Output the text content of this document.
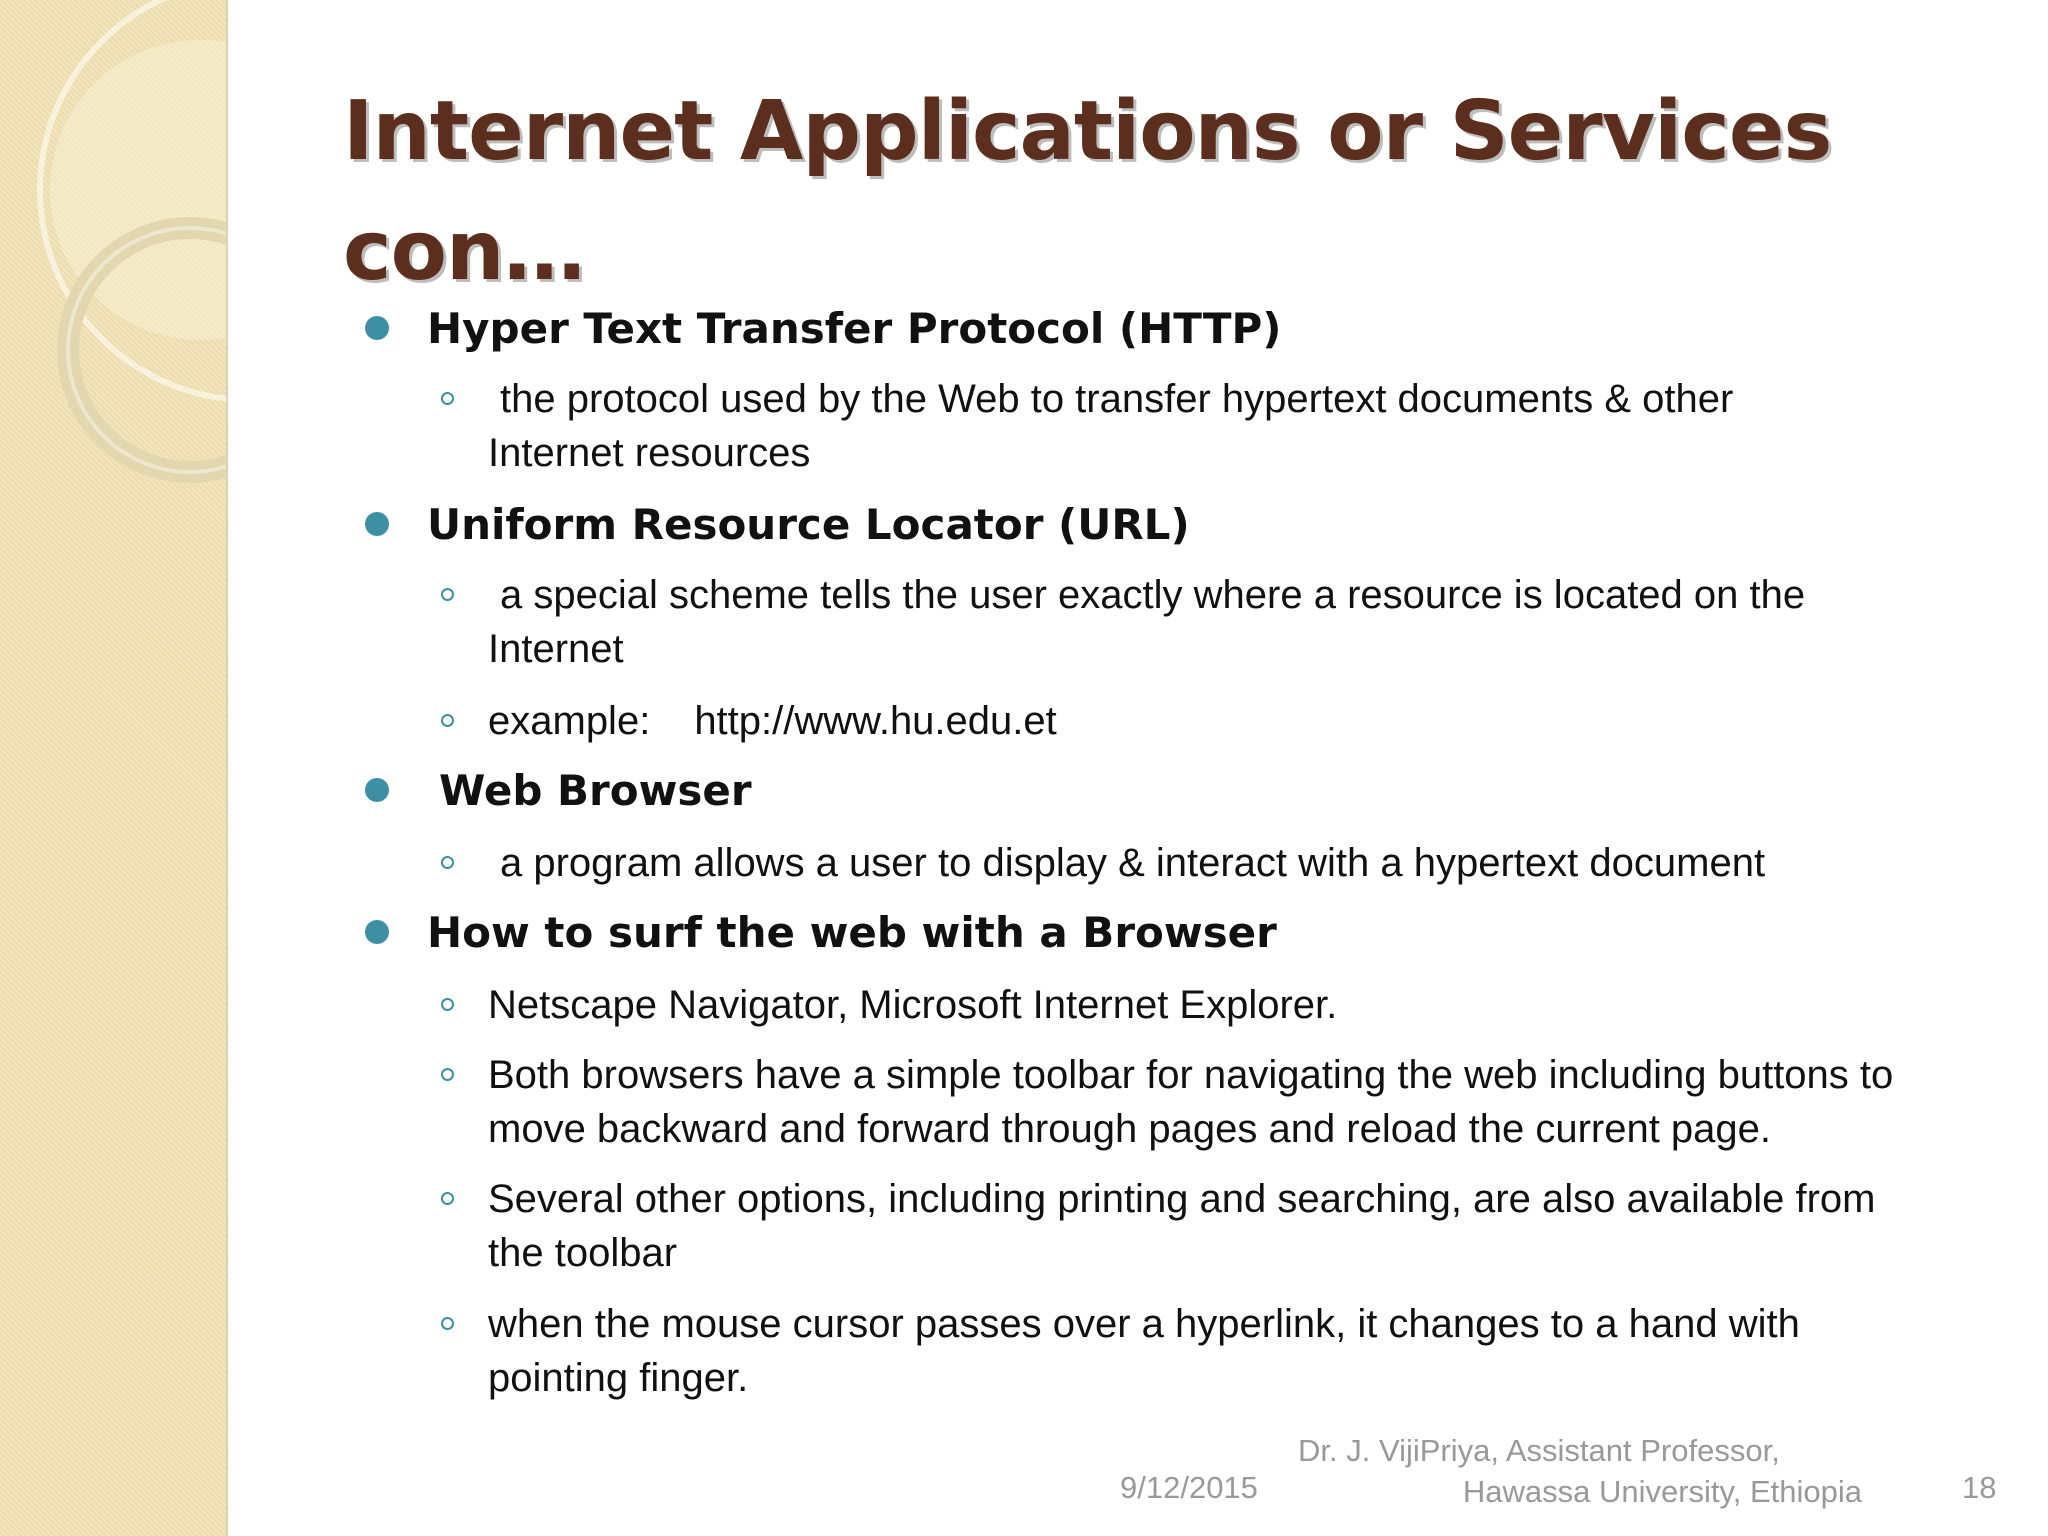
Internet Applications or Services
con…
Hyper Text Transfer Protocol (HTTP)
the protocol used by the Web to transfer hypertext documents & other
Internet resources
Uniform Resource Locator (URL)
a special scheme tells the user exactly where a resource is located on the
Internet
example: http://www.hu.edu.et
Web Browser
a program allows a user to display & interact with a hypertext document
How to surf the web with a Browser
Netscape Navigator, Microsoft Internet Explorer.
Both browsers have a simple toolbar for navigating the web including buttons to
move backward and forward through pages and reload the current page.
Several other options, including printing and searching, are also available from
the toolbar
when the mouse cursor passes over a hyperlink, it changes to a hand with
pointing finger.
9/12/2015
Dr. J. VijiPriya, Assistant Professor,
Hawassa University, Ethiopia	18
